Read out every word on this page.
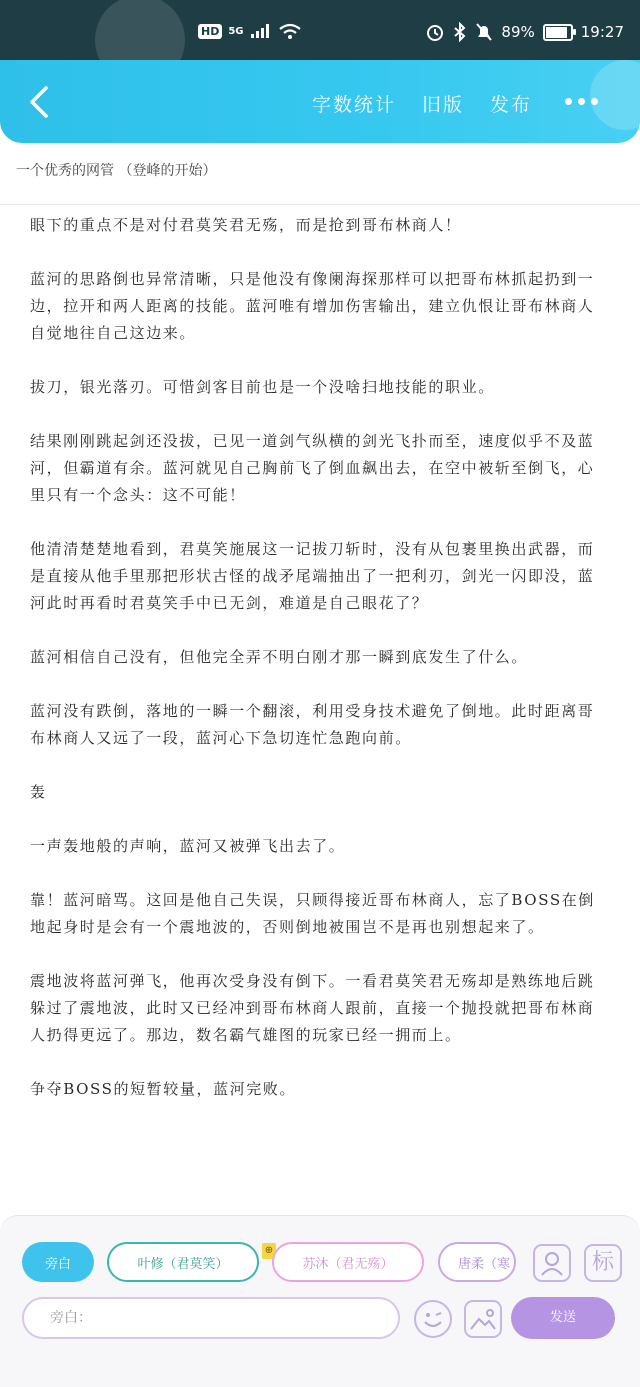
HD 5G	89%	19:27
字数统计 旧版 发布
一个优秀的网管 （登峰的开始）

眼下的重点不是对付君莫笑君无殇，而是抢到哥布林商人！

蓝河的思路倒也异常清晰，只是他没有像阑海探那样可以把哥布林抓起扔到一边，拉开和两人距离的技能。蓝河唯有增加伤害输出，建立仇恨让哥布林商人自觉地往自己这边来。

拔刀，银光落刃。可惜剑客目前也是一个没啥扫地技能的职业。

结果刚刚跳起剑还没拔，已见一道剑气纵横的剑光飞扑而至，速度似乎不及蓝河，但霸道有余。蓝河就见自己胸前飞了倒血飙出去，在空中被斩至倒飞，心里只有一个念头：这不可能！

他清清楚楚地看到，君莫笑施展这一记拔刀斩时，没有从包裹里换出武器，而是直接从他手里那把形状古怪的战矛尾端抽出了一把利刃，剑光一闪即没，蓝河此时再看时君莫笑手中已无剑，难道是自己眼花了？

蓝河相信自己没有，但他完全弄不明白刚才那一瞬到底发生了什么。

蓝河没有跌倒，落地的一瞬一个翻滚，利用受身技术避免了倒地。此时距离哥布林商人又远了一段，蓝河心下急切连忙急跑向前。

轰

一声轰地般的声响，蓝河又被弹飞出去了。

靠！蓝河暗骂。这回是他自己失误，只顾得接近哥布林商人，忘了BOSS在倒地起身时是会有一个震地波的，否则倒地被围岂不是再也别想起来了。

震地波将蓝河弹飞，他再次受身没有倒下。一看君莫笑君无殇却是熟练地后跳躲过了震地波，此时又已经冲到哥布林商人跟前，直接一个抛投就把哥布林商人扔得更远了。那边，数名霸气雄图的玩家已经一拥而上。

争夺BOSS的短暂较量，蓝河完败。

旁白	叶修（君莫笑）
⊕
苏沐（君无殇）	唐柔（寒	标
旁白：	发送
